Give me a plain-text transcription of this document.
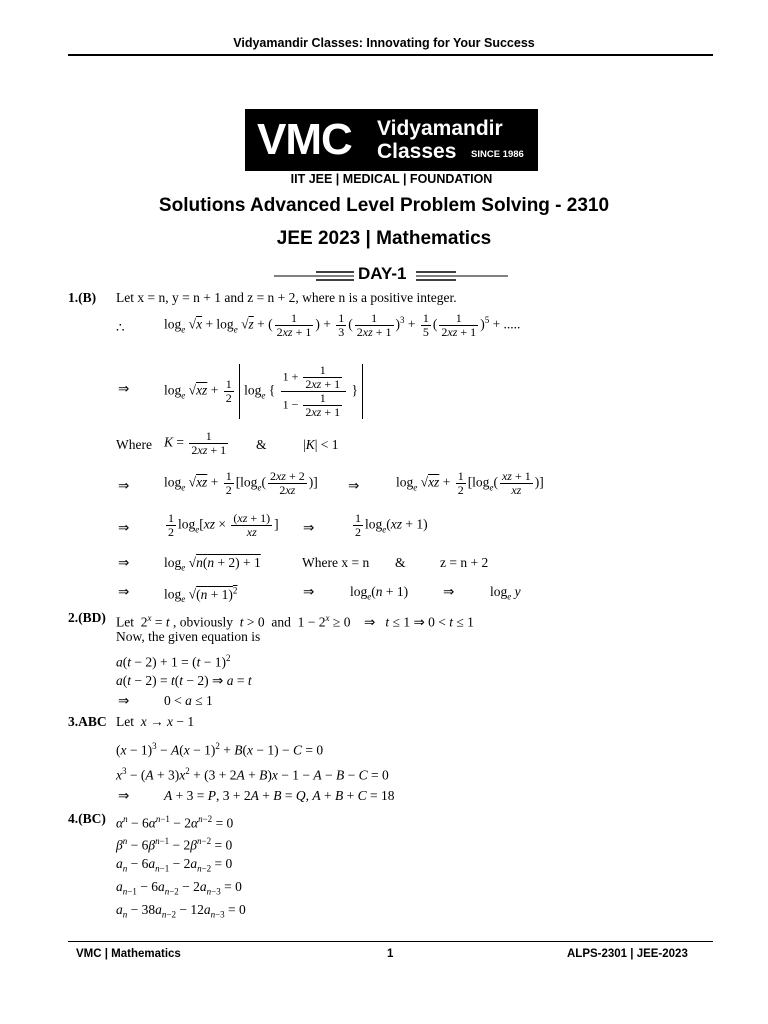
Vidyamandir Classes: Innovating for Your Success
VMC Vidyamandir
Classes SINCE 1986
IIT JEE | MEDICAL | FOUNDATION
Solutions Advanced Level Problem Solving - 2310
JEE 2023 | Mathematics
DAY-1
1.(B) Let x = n, y = n + 1 and z = n + 2, where n is a positive integer.
∴	$\log_e √x + \log_e √z$ + ( $\frac{1}{2xz + 1}$ ) + $\frac{1}{3}$ ( $\frac{1}{2xz + 1} )^3 + \frac{1}{5}$ ( $\frac{1}{2xz + 1} )^5$ + .....
⇒	$\log_e √xz + \frac{1}{2} \log_e$ { $\frac{1 + \frac{1}{2xz + 1}}{1 - \frac{1}{2xz + 1}}$ }
Where $K = \frac{1}{2xz + 1}$ &	|K| < 1
⇒	$\log_e √xz + \frac{1}{2} [\log_e( \frac{2xz + 2}{2xz}$ )] ⇒	$\log_e √xz + \frac{1}{2} [\log_e( \frac{xz + 1}{xz}$ )]
⇒	$\frac{1}{2} \log_e[xz \times \frac{(xz + 1)}{xz}$ ] ⇒	$\frac{1}{2} \log_e(xz + 1)$
⇒	$\log_e √n(n + 2) + 1$	Where x = n &	z = n + 2
⇒	$\log_e √(n + 1)^2$	⇒	$\log_e(n + 1)$	⇒	$\log_e y$
2.(BD) Let  $2^x = t$ , obviously  t > 0  and  $1 - 2^x \ge 0$    ⇒   t ≤ 1 ⇒ 0 < t ≤ 1
Now, the given equation is
$a(t - 2) + 1 = (t - 1)^2$
a(t − 2) = t(t − 2) ⇒ a = t
⇒	0 < a ≤ 1
3.ABC Let  x → x − 1
$(x - 1)^3 - A(x - 1)^2 + B(x - 1) - C = 0$
$x^3 - (A + 3)x^2 + (3 + 2A + B)x - 1 - A - B - C = 0$
⇒	A + 3 = P, 3 + 2A + B = Q, A + B + C = 18
4.(BC) $\alpha^n - 6\alpha^{n-1} - 2\alpha^{n-2} = 0$
$\beta^n - 6\beta^{n-1} - 2\beta^{n-2} = 0$
$a_n - 6a_{n-1} - 2a_{n-2} = 0$
$a_{n-1} - 6a_{n-2} - 2a_{n-3} = 0$
$a_n - 38a_{n-2} - 12a_{n-3} = 0$
VMC | Mathematics	1	ALPS-2301 | JEE-2023
